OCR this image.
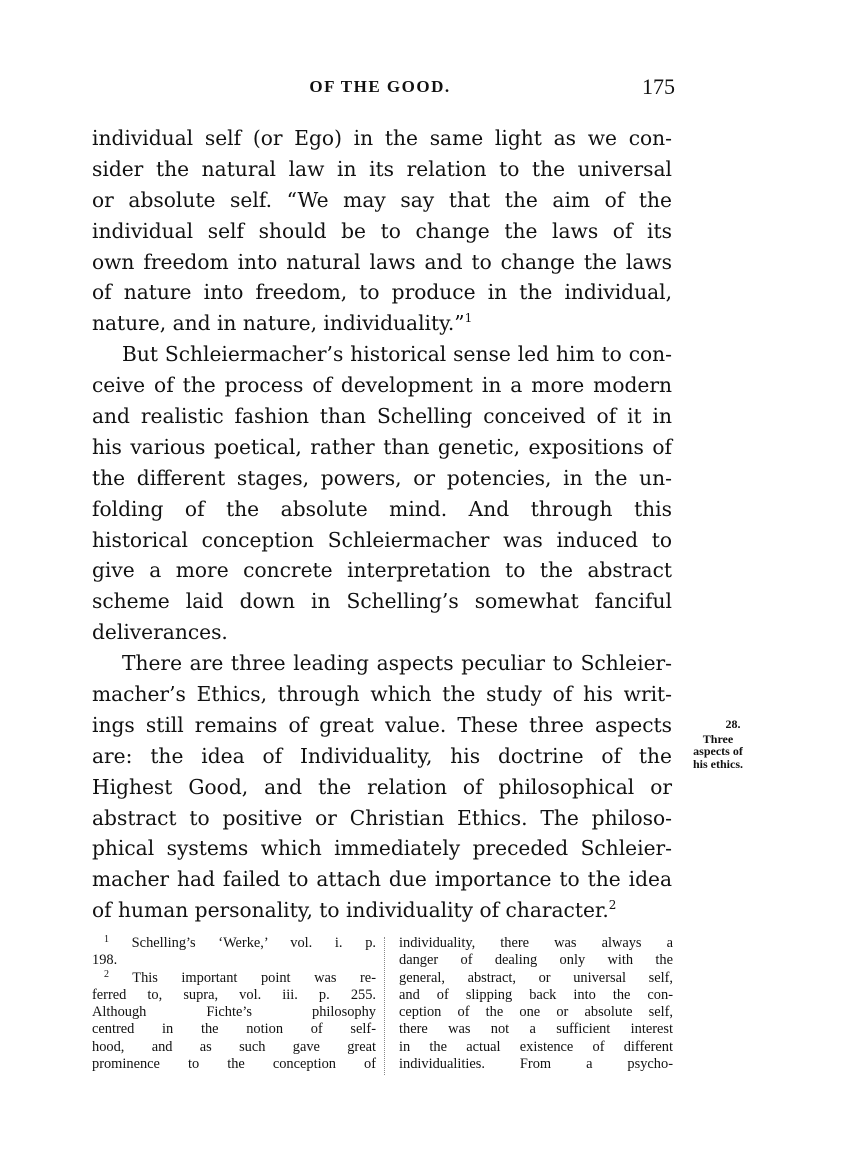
OF THE GOOD.	175
individual self (or Ego) in the same light as we con-
sider the natural law in its relation to the universal
or absolute self. “We may say that the aim of the
individual self should be to change the laws of its
own freedom into natural laws and to change the laws
of nature into freedom, to produce in the individual,
nature, and in nature, individuality.”$^1$
But Schleiermacher’s historical sense led him to con-
ceive of the process of development in a more modern
and realistic fashion than Schelling conceived of it in
his various poetical, rather than genetic, expositions of
the different stages, powers, or potencies, in the un-
folding of the absolute mind. And through this
historical conception Schleiermacher was induced to
give a more concrete interpretation to the abstract
scheme laid down in Schelling’s somewhat fanciful
deliverances.
There are three leading aspects peculiar to Schleier-
macher’s Ethics, through which the study of his writ-
ings still remains of great value. These three aspects
are: the idea of Individuality, his doctrine of the
Highest Good, and the relation of philosophical or
abstract to positive or Christian Ethics. The philoso-
phical systems which immediately preceded Schleier-
macher had failed to attach due importance to the idea
of human personality, to individuality of character.$^2$
28.
Three
aspects of
his ethics.
$^1$ Schelling’s ‘Werke,’ vol. i. p.
198.
$^2$ This important point was re-
ferred to, supra, vol. iii. p. 255.
Although Fichte’s philosophy
centred in the notion of self-
hood, and as such gave great
prominence to the conception of
individuality, there was always a
danger of dealing only with the
general, abstract, or universal self,
and of slipping back into the con-
ception of the one or absolute self,
there was not a sufficient interest
in the actual existence of different
individualities. From a psycho-
